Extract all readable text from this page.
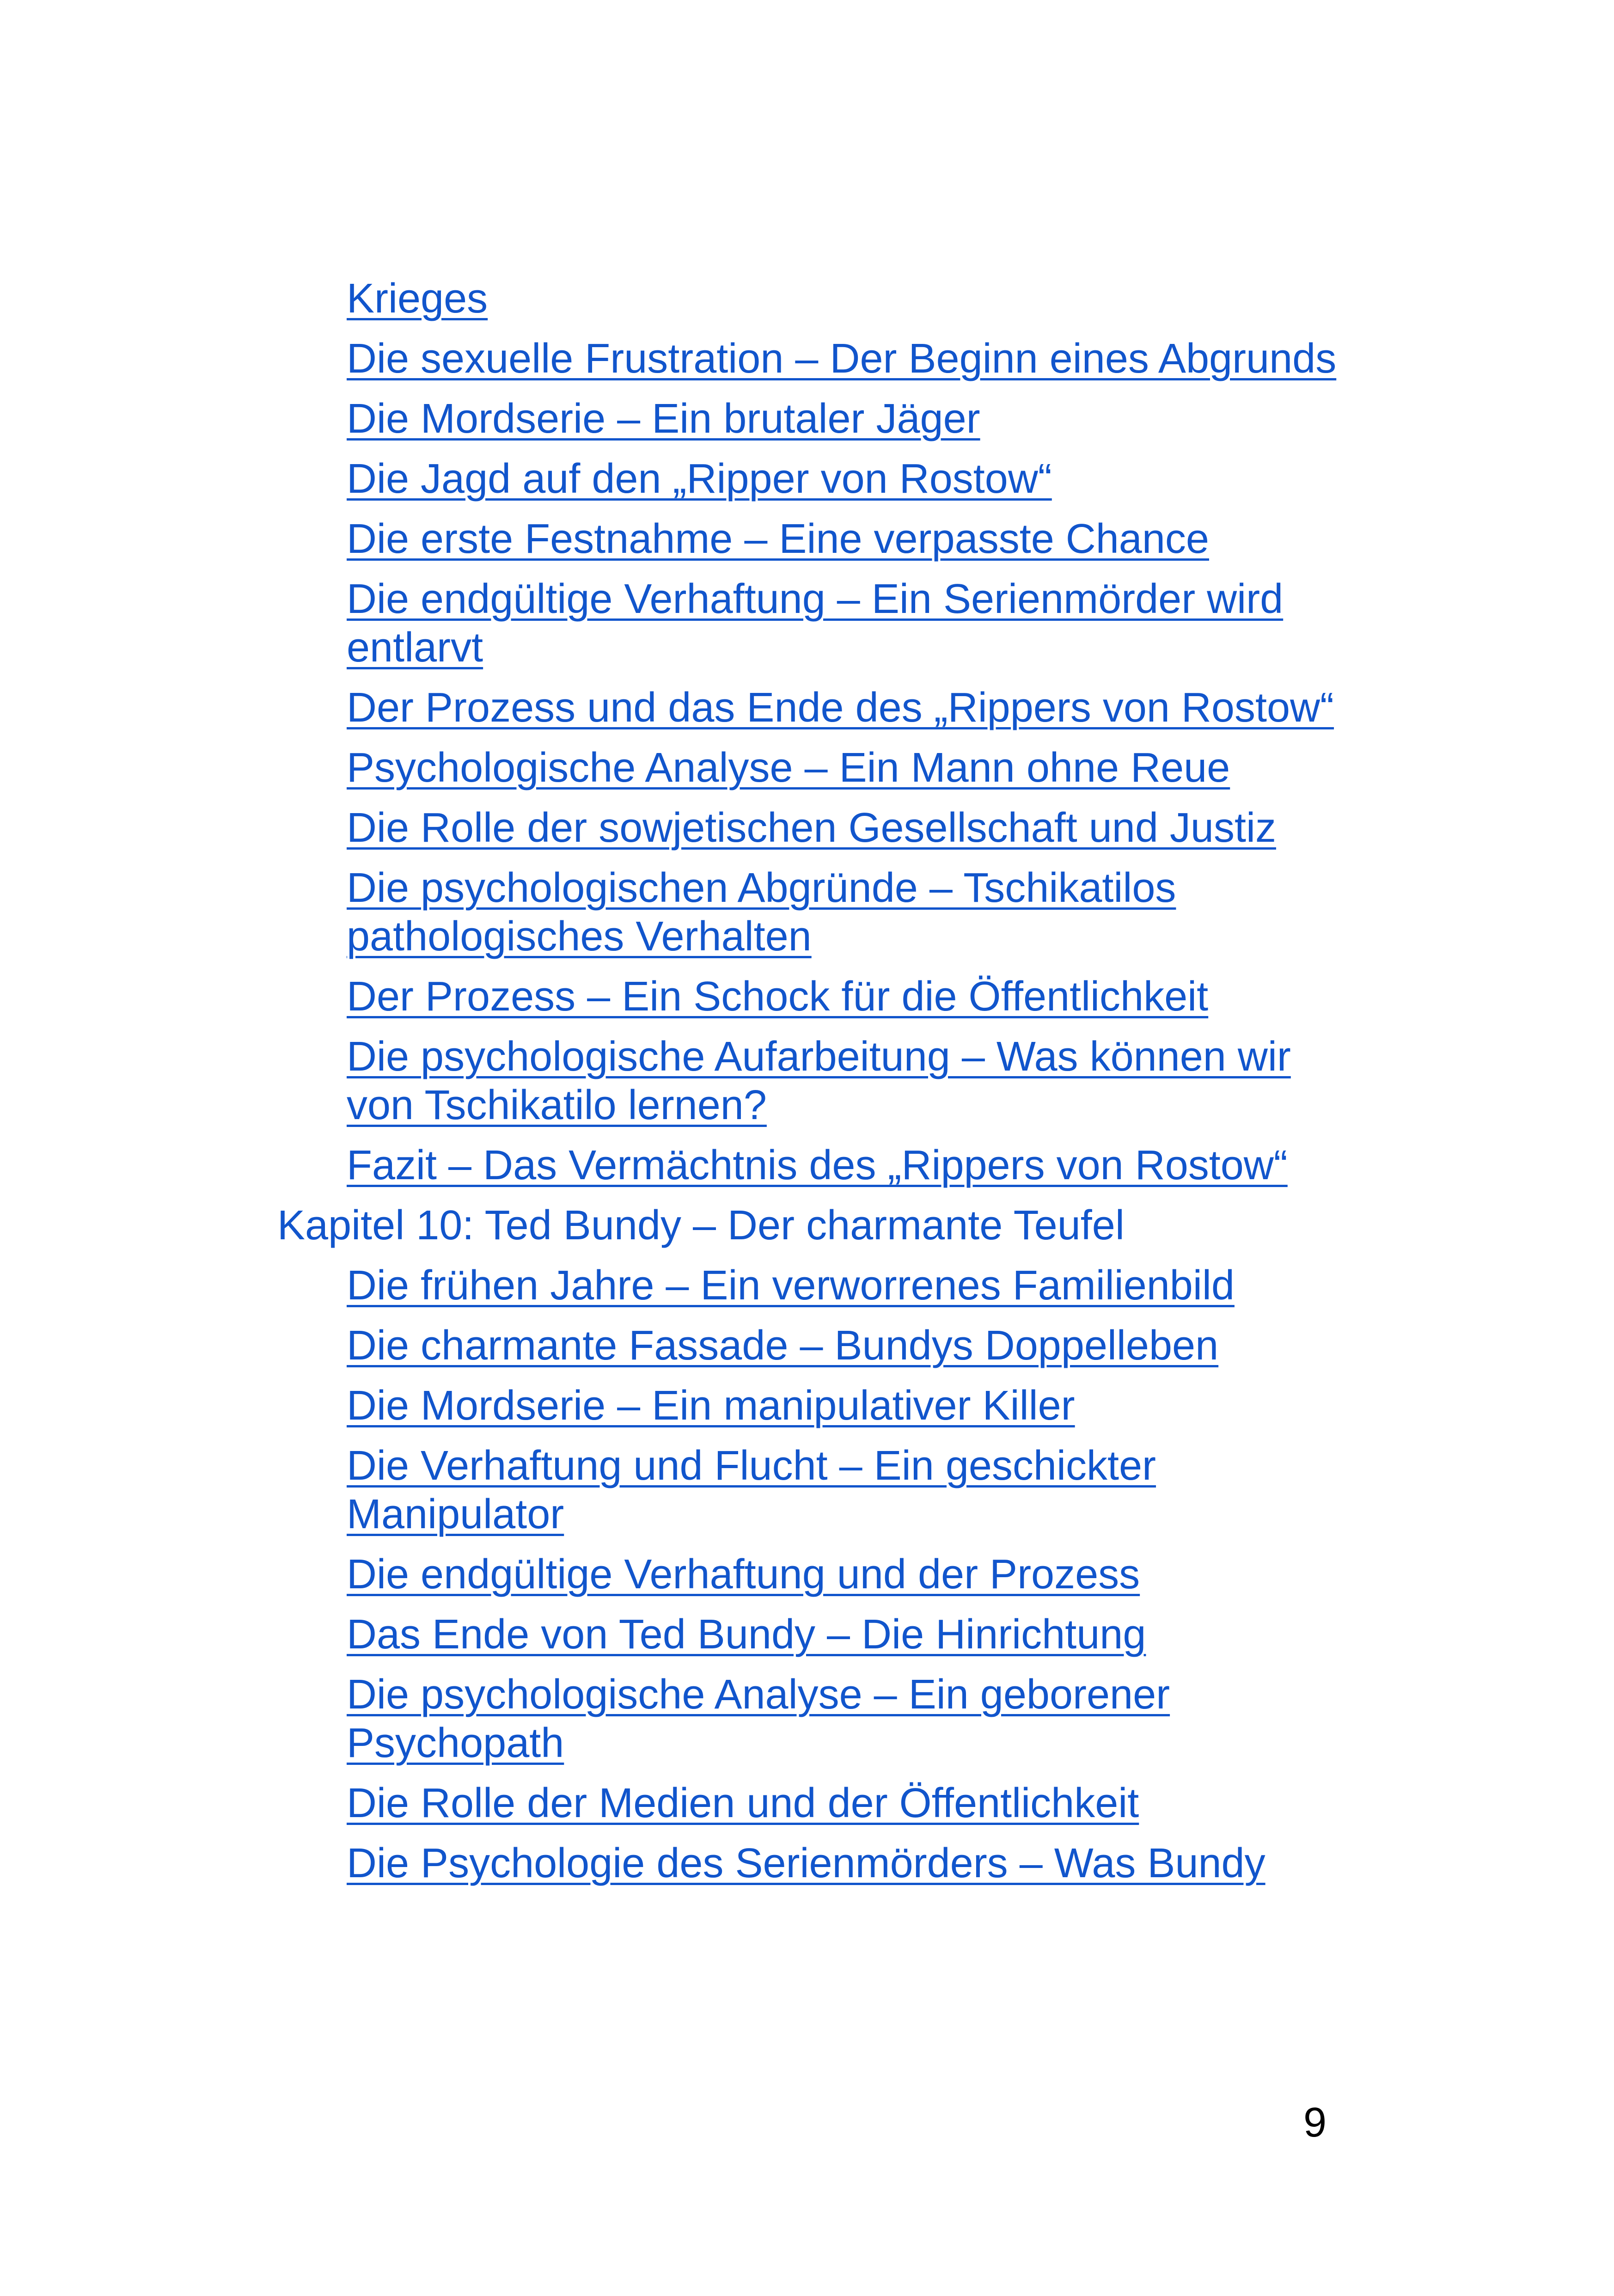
Krieges
Die sexuelle Frustration – Der Beginn eines Abgrunds
Die Mordserie – Ein brutaler Jäger
Die Jagd auf den „Ripper von Rostow“
Die erste Festnahme – Eine verpasste Chance
Die endgültige Verhaftung – Ein Serienmörder wird entlarvt
Der Prozess und das Ende des „Rippers von Rostow“
Psychologische Analyse – Ein Mann ohne Reue
Die Rolle der sowjetischen Gesellschaft und Justiz
Die psychologischen Abgründe – Tschikatilos pathologisches Verhalten
Der Prozess – Ein Schock für die Öffentlichkeit
Die psychologische Aufarbeitung – Was können wir von Tschikatilo lernen?
Fazit – Das Vermächtnis des „Rippers von Rostow“
Kapitel 10: Ted Bundy – Der charmante Teufel
Die frühen Jahre – Ein verworrenes Familienbild
Die charmante Fassade – Bundys Doppelleben
Die Mordserie – Ein manipulativer Killer
Die Verhaftung und Flucht – Ein geschickter Manipulator
Die endgültige Verhaftung und der Prozess
Das Ende von Ted Bundy – Die Hinrichtung
Die psychologische Analyse – Ein geborener Psychopath
Die Rolle der Medien und der Öffentlichkeit
Die Psychologie des Serienmörders – Was Bundy
9
